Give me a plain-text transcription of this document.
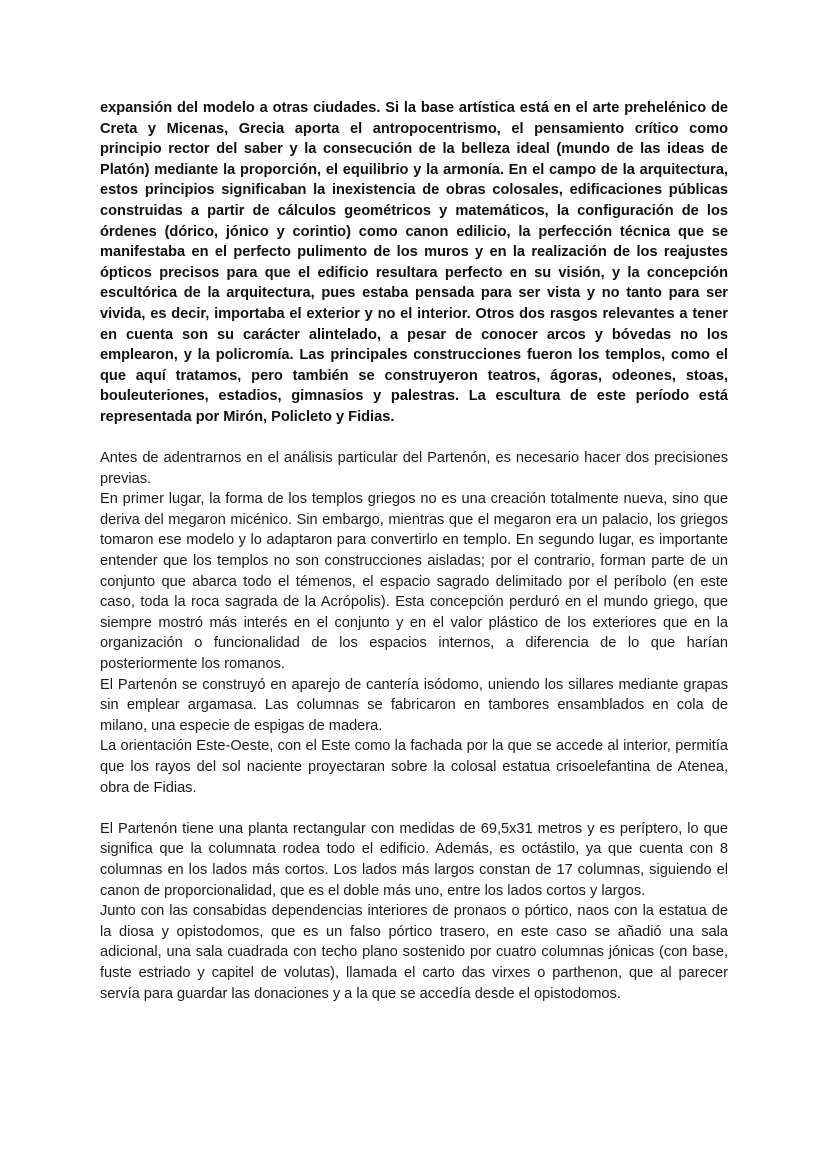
expansión del modelo a otras ciudades. Si la base artística está en el arte prehelénico de Creta y Micenas, Grecia aporta el antropocentrismo, el pensamiento crítico como principio rector del saber y la consecución de la belleza ideal (mundo de las ideas de Platón) mediante la proporción, el equilibrio y la armonía. En el campo de la arquitectura, estos principios significaban la inexistencia de obras colosales, edificaciones públicas construidas a partir de cálculos geométricos y matemáticos, la configuración de los órdenes (dórico, jónico y corintio) como canon edilicio, la perfección técnica que se manifestaba en el perfecto pulimento de los muros y en la realización de los reajustes ópticos precisos para que el edificio resultara perfecto en su visión, y la concepción escultórica de la arquitectura, pues estaba pensada para ser vista y no tanto para ser vivida, es decir, importaba el exterior y no el interior. Otros dos rasgos relevantes a tener en cuenta son su carácter alintelado, a pesar de conocer arcos y bóvedas no los emplearon, y la policromía. Las principales construcciones fueron los templos, como el que aquí tratamos, pero también se construyeron teatros, ágoras, odeones, stoas, bouleuteriones, estadios, gimnasios y palestras. La escultura de este período está representada por Mirón, Policleto y Fidias.

Antes de adentrarnos en el análisis particular del Partenón, es necesario hacer dos precisiones previas.

En primer lugar, la forma de los templos griegos no es una creación totalmente nueva, sino que deriva del megaron micénico. Sin embargo, mientras que el megaron era un palacio, los griegos tomaron ese modelo y lo adaptaron para convertirlo en templo. En segundo lugar, es importante entender que los templos no son construcciones aisladas; por el contrario, forman parte de un conjunto que abarca todo el témenos, el espacio sagrado delimitado por el períbolo (en este caso, toda la roca sagrada de la Acrópolis). Esta concepción perduró en el mundo griego, que siempre mostró más interés en el conjunto y en el valor plástico de los exteriores que en la organización o funcionalidad de los espacios internos, a diferencia de lo que harían posteriormente los romanos.

El Partenón se construyó en aparejo de cantería isódomo, uniendo los sillares mediante grapas sin emplear argamasa. Las columnas se fabricaron en tambores ensamblados en cola de milano, una especie de espigas de madera.

La orientación Este-Oeste, con el Este como la fachada por la que se accede al interior, permitía que los rayos del sol naciente proyectaran sobre la colosal estatua crisoelefantina de Atenea, obra de Fidias.

El Partenón tiene una planta rectangular con medidas de 69,5x31 metros y es períptero, lo que significa que la columnata rodea todo el edificio. Además, es octástilo, ya que cuenta con 8 columnas en los lados más cortos. Los lados más largos constan de 17 columnas, siguiendo el canon de proporcionalidad, que es el doble más uno, entre los lados cortos y largos.

Junto con las consabidas dependencias interiores de pronaos o pórtico, naos con la estatua de la diosa y opistodomos, que es un falso pórtico trasero, en este caso se añadió una sala adicional, una sala cuadrada con techo plano sostenido por cuatro columnas jónicas (con base, fuste estriado y capitel de volutas), llamada el carto das virxes o parthenon, que al parecer servía para guardar las donaciones y a la que se accedía desde el opistodomos.
